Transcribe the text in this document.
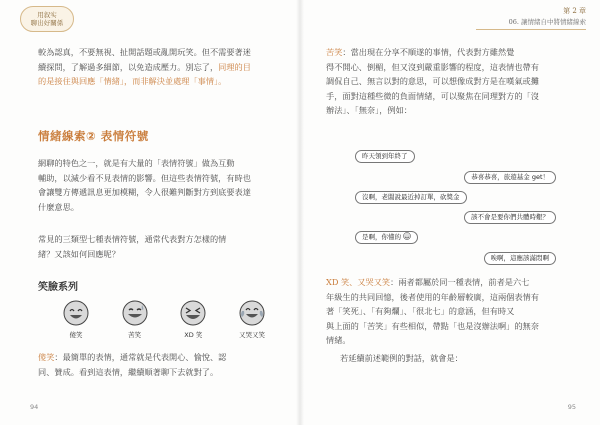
用叙实
聊出好關係
較為認真，不要無視、扯開話題或亂開玩笑。但不需要著迷
續探問，了解過多細節，以免造成壓力。別忘了，同理的目
的是接住與回應「情緒」，而非解決並處理「事情」。
情緒線索② 表情符號
網聊的特色之一，就是有大量的「表情符號」做為互動
輔助，以減少看不見表情的影響。但這些表情符號，有時也
會讓雙方傳遞訊息更加模糊，令人很難判斷對方到底要表達
什麼意思。
常見的三類型七種表情符號，通常代表對方怎樣的情
緒？又該如何回應呢？
笑臉系列
傻笑	苦笑	XD 笑	又哭又笑
傻笑：最簡單的表情，通常就是代表開心、愉悅、認
同、贊成。看到這表情，繼續順著聊下去就對了。
94
第 2 章
06. 讓情緒自中將情緒線索
苦笑：當出現在分享不順遂的事情，代表對方雖然覺
得不開心、倒楣，但又沒到嚴重影響的程度，這表情也帶有
調侃自己、無言以對的意思，可以想像成對方是在嘆氣或攤
手，面對這種些微的負面情緒，可以聚焦在同理對方的「沒
辦法」、「無奈」，例如：
昨天領到年終了
恭喜恭喜，旅遊基金 get！
沒啊，老闆說最近掉訂單，砍獎金
該不會是要你們共體時艱？
是啊，你懂的
唉啊，這應該滿悶啊
XD 笑、又哭又笑：兩者都屬於同一種表情，前者是六七
年級生的共同回憶，後者使用的年齡層較廣，這兩個表情有
著「笑死」、「有夠爛」、「很北七」的意涵，但有時又
與上面的「苦笑」有些相似，帶點「也是沒辦法啊」的無奈
情緒。
若延續前述範例的對話，就會是：
95
